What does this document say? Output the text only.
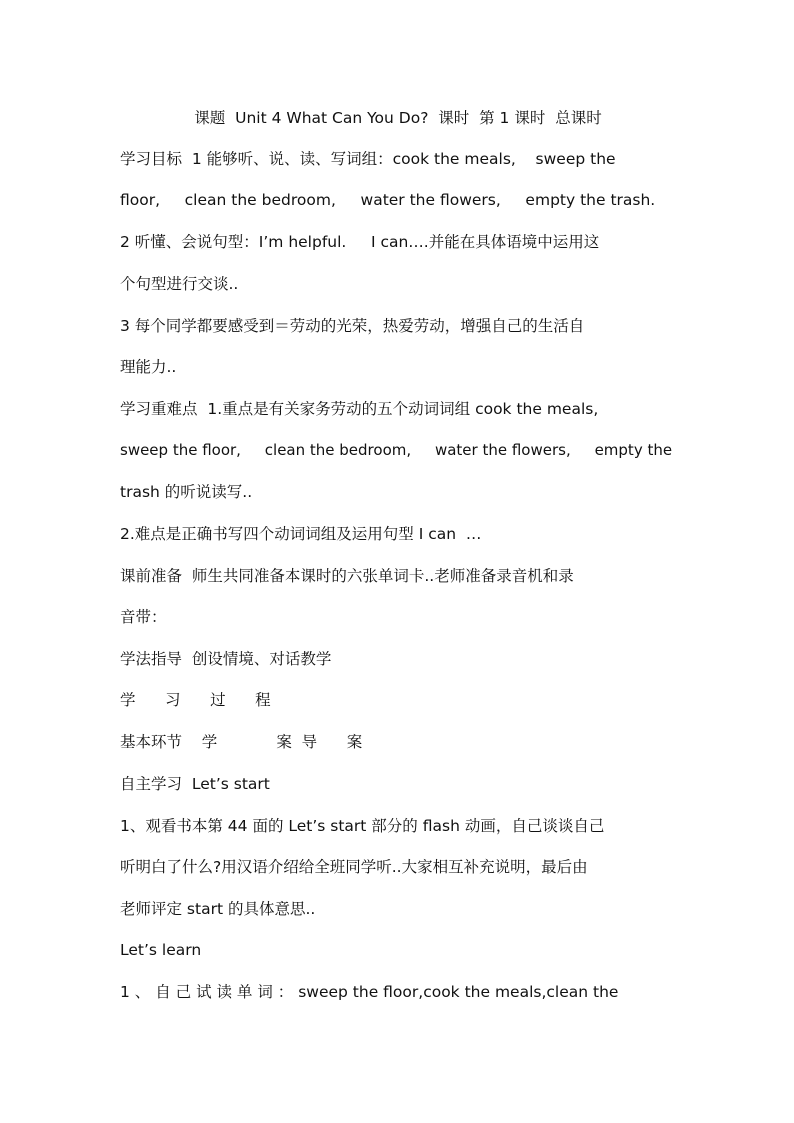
课题  Unit 4 What Can You Do?  课时  第 1 课时  总课时
学习目标  1 能够听、说、读、写词组：cook the meals,    sweep the
floor,     clean the bedroom,     water the flowers,     empty the trash.
2 听懂、会说句型：I’m helpful.     I can….并能在具体语境中运用这
个句型进行交谈..
3 每个同学都要感受到＝劳动的光荣，热爱劳动，增强自己的生活自
理能力..
学习重难点  1.重点是有关家务劳动的五个动词词组 cook the meals,
sweep the floor,     clean the bedroom,     water the flowers,     empty the
trash 的听说读写..
2.难点是正确书写四个动词词组及运用句型 I can  …
课前准备  师生共同准备本课时的六张单词卡..老师准备录音机和录
音带：
学法指导  创设情境、对话教学
学      习      过      程
基本环节    学            案  导      案
自主学习  Let’s start
1、观看书本第 44 面的 Let’s start 部分的 flash 动画，自己谈谈自己
听明白了什么?用汉语介绍给全班同学听..大家相互补充说明，最后由
老师评定 start 的具体意思..
Let’s learn
1 、 自 己 试 读 单 词 ： sweep the floor,cook the meals,clean the
